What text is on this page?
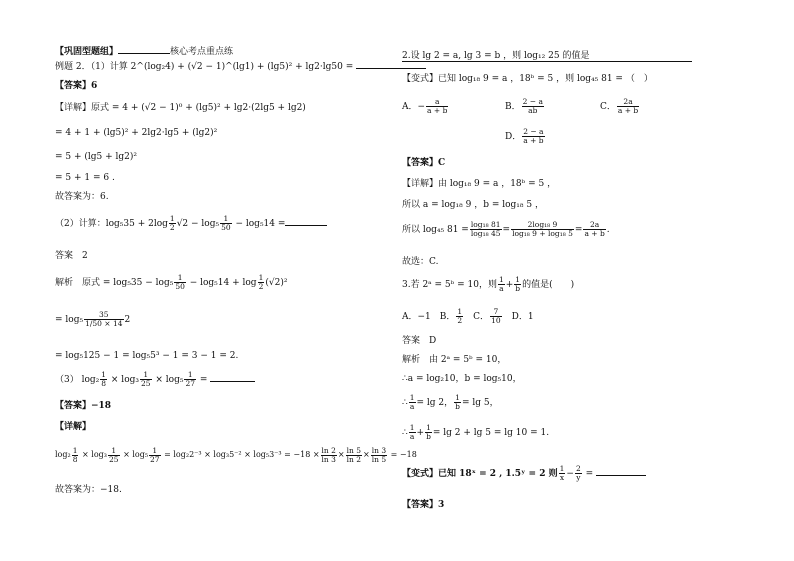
【巩固型题组】	核心考点重点练
例题 2．（1）计算 2^(log₂4) + (√2 − 1)^(lg1) + (lg5)² + lg2·lg50 =
【答案】6
【详解】原式 = 4 + (√2 − 1)⁰ + (lg5)² + lg2·(2lg5 + lg2)
= 4 + 1 + (lg5)² + 2lg2·lg5 + (lg2)²
= 5 + (lg5 + lg2)²
= 5 + 1 = 6 .
故答案为：6.
（2）计算：$\log_535 + 2\log \frac{1}{2} √2 - \log_5 \frac{1}{50} - \log_514$ =
答案　2
解析　原式 = $\log_535 - \log_5 \frac{1}{50} - \log_514 + \log \frac{1}{2} (√2)^2$
= $\log_5 \frac{35}{1/50 \times 14} 2$
= log₅125 − 1 = log₅5³ − 1 = 3 − 1 = 2.
（3） $\log_2 \frac{1}{8} \times \log_3 \frac{1}{25} \times \log_5 \frac{1}{27}$ =
【答案】−18
【详解】
$\log_2 \frac{1}{8} \times \log_3 \frac{1}{25} \times \log_5 \frac{1}{27} = \log_22^{-3} \times \log_35^{-2} \times \log_53^{-3} = -18 \times \frac{\ln 2}{\ln 3} \times \frac{\ln 5}{\ln 2} \times \frac{\ln 3}{\ln 5} = -18$
故答案为：−18.
2.设 lg 2 = a, lg 3 = b ，则 log₁₂ 25 的值是
【变式】已知 log₁₈ 9 = a ，18ᵇ = 5 ，则 log₄₅ 81 = （　）
A．− $\frac{a}{a + b}$	B． $\frac{2 - a}{ab}$	C． $\frac{2a}{a + b}$
D． $\frac{2 - a}{a + b}$
【答案】C
【详解】由 log₁₈ 9 = a ，18ᵇ = 5 ，
所以 a = log₁₈ 9 ，b = log₁₈ 5 ，
所以 log₄₅ $81 = \frac{\text{log₁₈ 81}}{\text{log₁₈ 45}} = \frac{\text{2log₁₈ 9}}{\text{log₁₈ 9 + log₁₈ 5}} = \frac{2a}{a + b}$ .
故选：C.
3.若 2ᵃ = 5ᵇ = 10，则 $\frac{1}{a} + \frac{1}{b}$ 的值是(　　)
A．−1　B． $\frac{1}{2}$ 　C． $\frac{7}{10}$ 　D．1
答案　D
解析　由 2ᵃ = 5ᵇ = 10，
∴a = log₂10，b = log₅10，
∴ $\frac{1}{a} = \lg 2$， $\frac{1}{b} = \lg 5$，
∴ $\frac{1}{a} + \frac{1}{b} = \lg 2 + \lg 5 = \lg 10 = 1$.
【变式】已知 18ˣ = 2 , 1.5ʸ = 2 则 $\frac{1}{x} - \frac{2}{y}$ =
【答案】3
